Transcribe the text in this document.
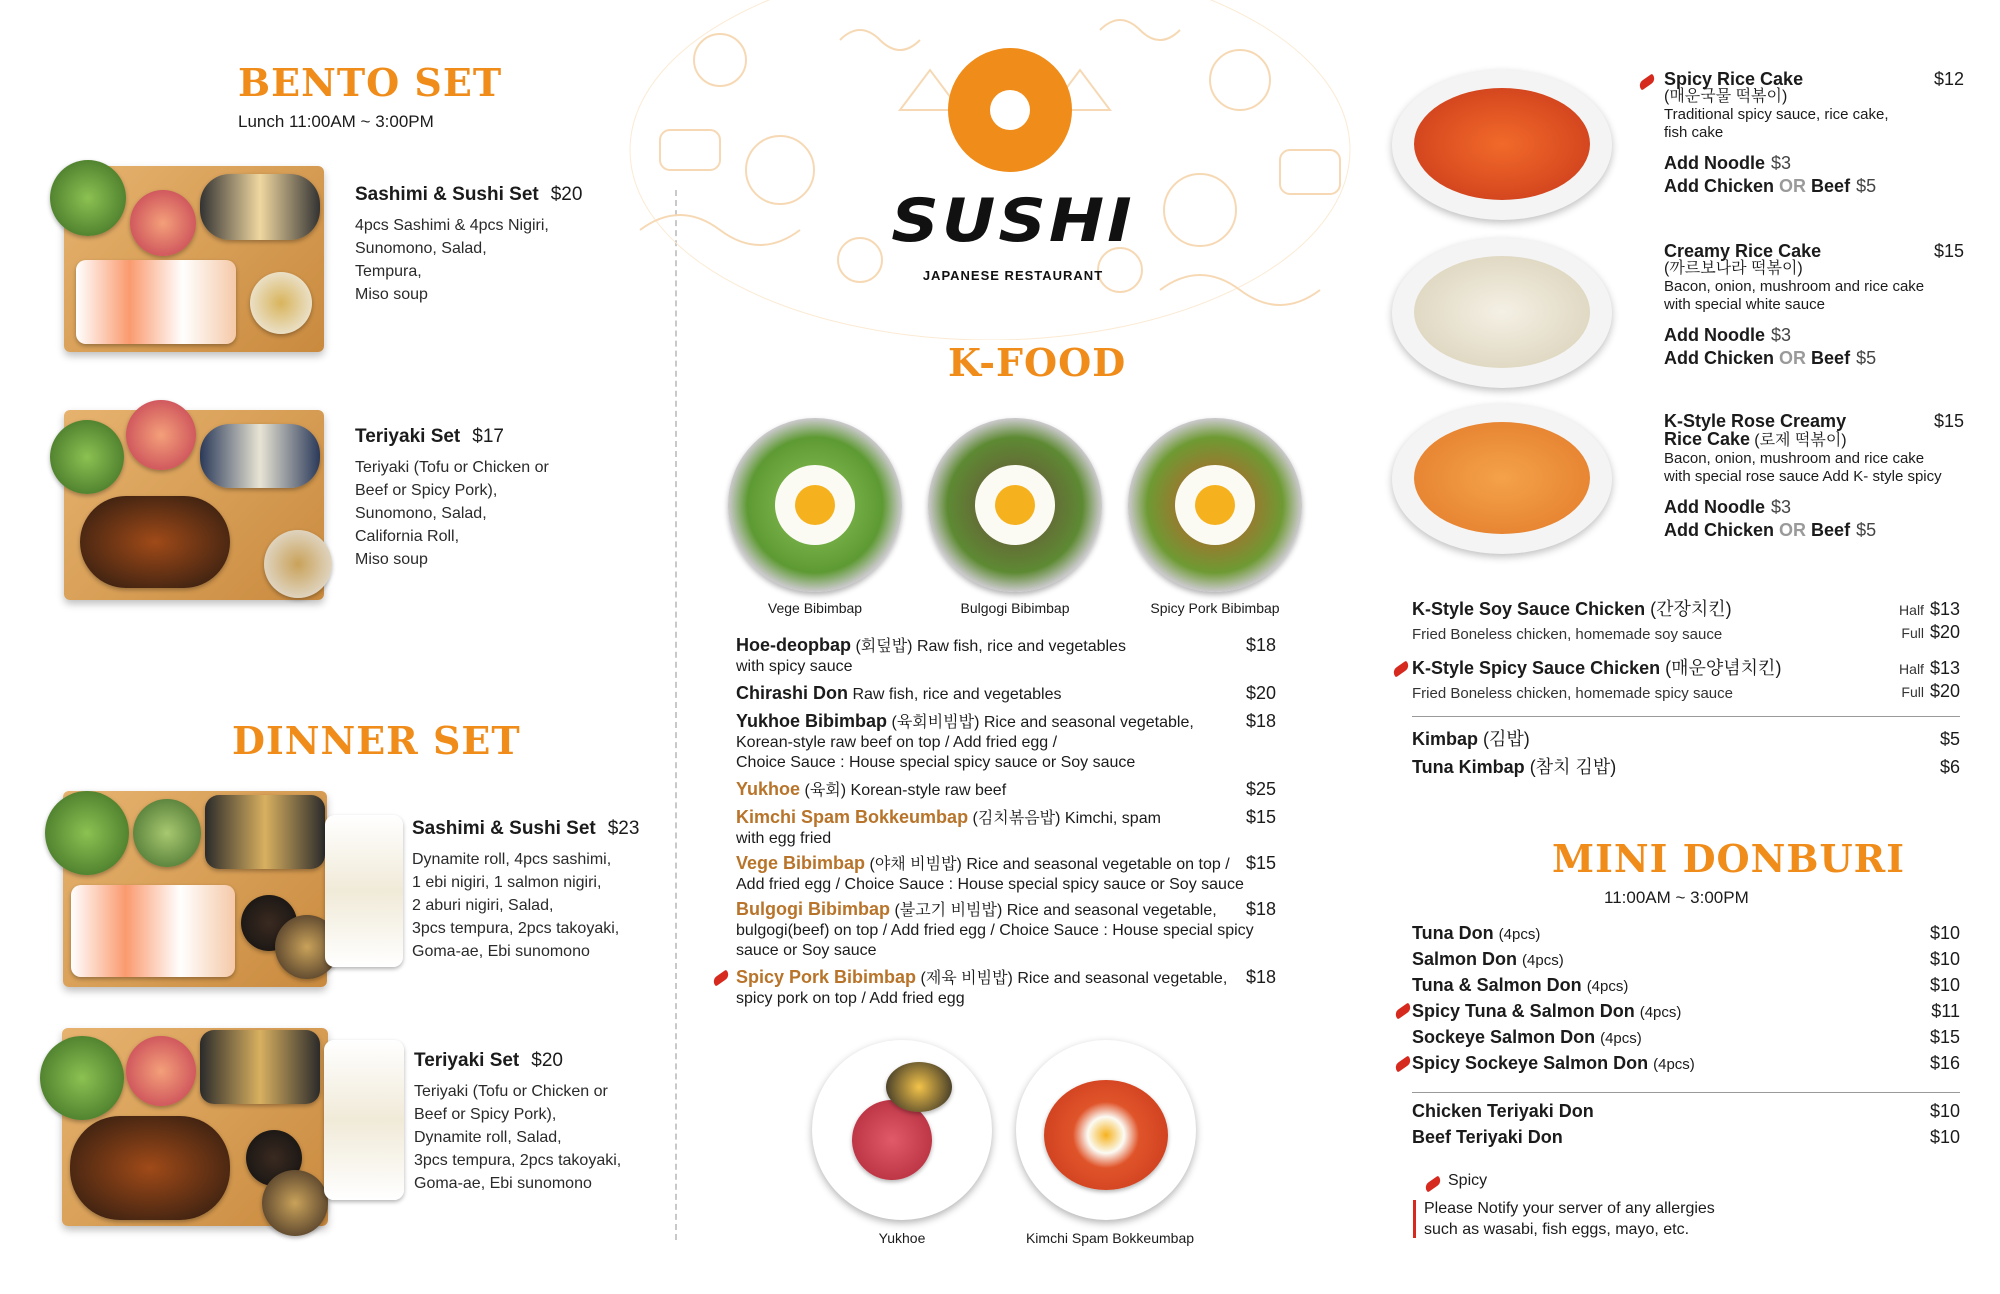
BENTO SET
Lunch 11:00AM ~ 3:00PM
Sashimi & Sushi Set $20
4pcs Sashimi & 4pcs Nigiri,
Sunomono, Salad,
Tempura,
Miso soup
Teriyaki Set $17
Teriyaki (Tofu or Chicken or
Beef or Spicy Pork),
Sunomono, Salad,
California Roll,
Miso soup
DINNER SET
Sashimi & Sushi Set $23
Dynamite roll, 4pcs sashimi,
1 ebi nigiri, 1 salmon nigiri,
2 aburi nigiri, Salad,
3pcs tempura, 2pcs takoyaki,
Goma-ae, Ebi sunomono
Teriyaki Set $20
Teriyaki (Tofu or Chicken or
Beef or Spicy Pork),
Dynamite roll, Salad,
3pcs tempura, 2pcs takoyaki,
Goma-ae, Ebi sunomono
SUSHI
JAPANESE RESTAURANT
K-FOOD
Vege Bibimbap	Bulgogi Bibimbap	Spicy Pork Bibimbap
Hoe-deopbap (회덮밥) Raw fish, rice and vegetables
with spicy sauce
$18
Chirashi Don Raw fish, rice and vegetables	$20
Yukhoe Bibimbap (육회비빔밥) Rice and seasonal vegetable,
Korean-style raw beef on top / Add fried egg /
Choice Sauce : House special spicy sauce or Soy sauce
$18
Yukhoe (육회) Korean-style raw beef	$25
Kimchi Spam Bokkeumbap (김치볶음밥) Kimchi, spam
with egg fried
$15
Vege Bibimbap (야채 비빔밥) Rice and seasonal vegetable on top /
Add fried egg / Choice Sauce : House special spicy sauce or Soy sauce
$15
Bulgogi Bibimbap (불고기 비빔밥) Rice and seasonal vegetable,
bulgogi(beef) on top / Add fried egg / Choice Sauce : House special spicy
sauce or Soy sauce
$18
Spicy Pork Bibimbap (제육 비빔밥) Rice and seasonal vegetable,
spicy pork on top / Add fried egg
$18
Yukhoe	Kimchi Spam Bokkeumbap
Spicy Rice Cake
(매운국물 떡볶이)
Traditional spicy sauce, rice cake,
fish cake
Add Noodle $3
Add Chicken OR Beef $5
$12
Creamy Rice Cake
(까르보나라 떡볶이)
Bacon, onion, mushroom and rice cake
with special white sauce
Add Noodle $3
Add Chicken OR Beef $5
$15
K-Style Rose Creamy
Rice Cake (로제 떡볶이)
Bacon, onion, mushroom and rice cake
with special rose sauce Add K- style spicy
Add Noodle $3
Add Chicken OR Beef $5
$15
K-Style Soy Sauce Chicken (간장치킨)
Fried Boneless chicken, homemade soy sauce
Half $13
Full $20
K-Style Spicy Sauce Chicken (매운양념치킨)
Fried Boneless chicken, homemade spicy sauce
Half $13
Full $20
Kimbap (김밥)	$5
Tuna Kimbap (참치 김밥)	$6
MINI DONBURI
11:00AM ~ 3:00PM
Tuna Don (4pcs)	$10
Salmon Don (4pcs)	$10
Tuna & Salmon Don (4pcs)	$10
Spicy Tuna & Salmon Don (4pcs)	$11
Sockeye Salmon Don (4pcs)	$15
Spicy Sockeye Salmon Don (4pcs)	$16
Chicken Teriyaki Don	$10
Beef Teriyaki Don	$10
Spicy
Please Notify your server of any allergies
such as wasabi, fish eggs, mayo, etc.
